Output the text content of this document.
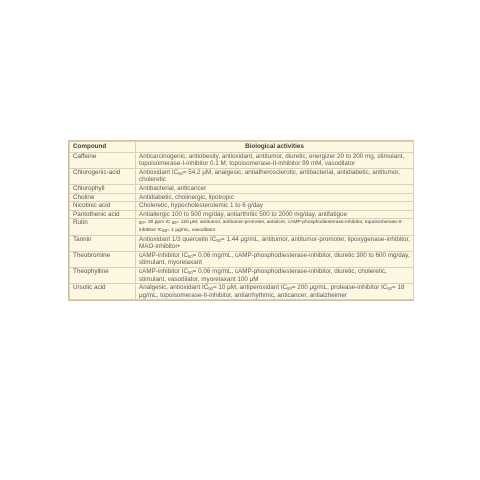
Compound	Biological activities
Caffeine	Anticarcinogenic, antiobesity, antioxidant, antitumor, diuretic, energizer 20 to 200 mg, stimulant, topoisomerase-I-inhibitor 0.1 M, topoisomerase-II-inhibitor 99 mM, vasodilator
Chlorogenic-acid	Antioxidant $IC_{50}= 54.2$ μM, analgesic, antiatherosclerotic, antibacterial, antidiabetic, antitumor, choleretic
Chlorophyll	Antibacterial, anticancer
Choline	Antidiabetic, cholinergic, lipotropic
Nicotinic acid	Choleretic, hypocholesterolemic 1 to 6 g/day
Pantothenic acid	Antiallergic 100 to 500 mg/day, antiarthritic 500 to 2000 mg/day, antifatigue
Rutin	$_{50}$= 30 ppm IC $_{50}$= 120 μM, antitumor, antitumor-promoter, antiulcer, cAMP-phosphodiesterase-inhibitor, topoisomerase-II-inhibitor $IC_{50}= 1$ μg/mL, vasodilator
Tannin	Antioxidant 1/3 quercetin $IC_{50}= 1.44$ μg/mL, antitumor, antitumor-promoter, lipoxygenase-inhibitor, MAO-inhibitor•
Theobromine	cAMP-inhibitor $IC_{50}= 0.06$ mg/mL, cAMP-phosphodiesterase-inhibitor, diuretic 300 to 600 mg/day, stimulant, myorelaxant
Theophylline	cAMP-inhibitor $IC_{50}= 0.06$ mg/mL, cAMP-phosphodiesterase-inhibitor, diuretic, choleretic, stimulant, vasodilator, myorelaxant 100 μM
Ursolic acid	Analgesic, antioxidant $IC_{50}= 10$ μM, antiperoxidant $IC_{50}= 200$ μg/mL, protease-inhibitor $IC_{50}= 18$ μg/mL, topoisomerase-II-inhibitor, antiarrhythmic, anticancer, antialzheimer
